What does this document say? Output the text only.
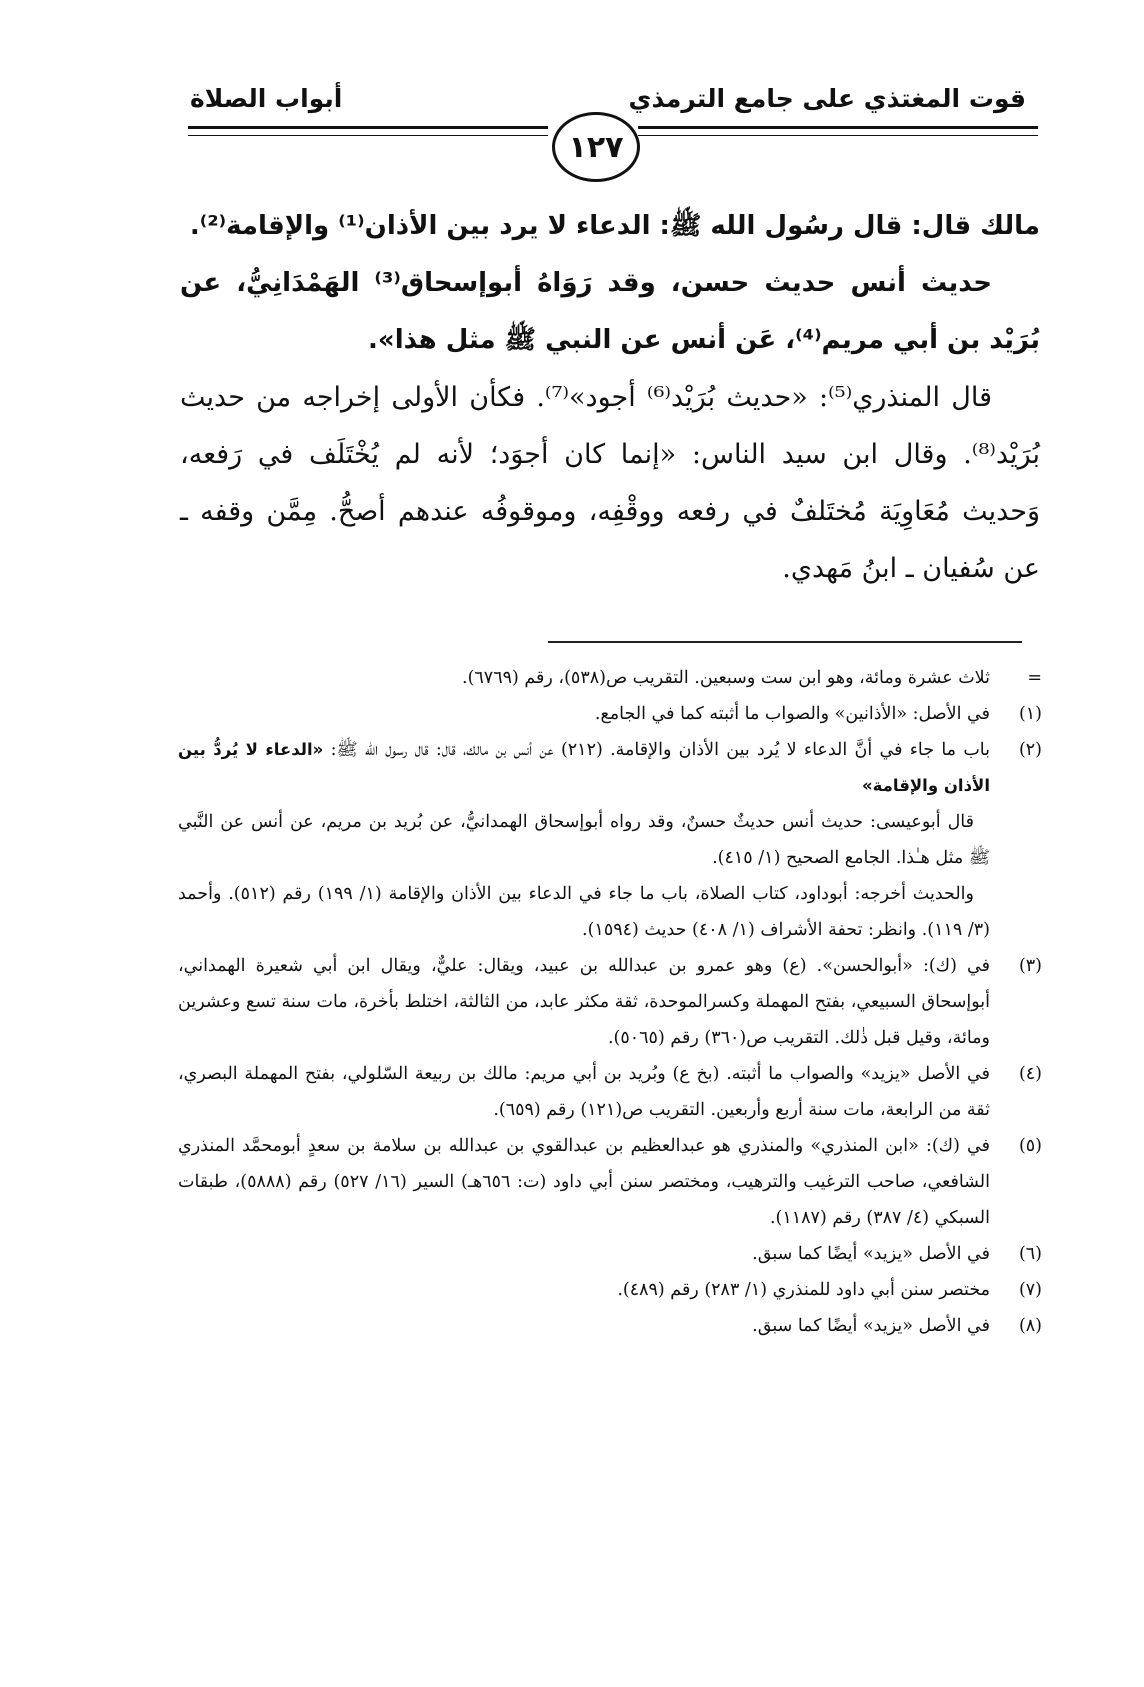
قوت المغتذي على جامع الترمذي
أبواب الصلاة
١٢٧

مالك قال: قال رسُول الله ﷺ: الدعاء لا يرد بين الأذان⁽¹⁾ والإقامة⁽²⁾.

حديث أنس حديث حسن، وقد رَوَاهُ أبوإسحاق⁽³⁾ الهَمْدَانِيُّ، عن بُرَيْد بن أبي مريم⁽⁴⁾، عَن أنس عن النبي ﷺ مثل هذا».

قال المنذري⁽⁵⁾: «حديث بُرَيْد⁽⁶⁾ أجود»⁽⁷⁾. فكأن الأولى إخراجه من حديث بُرَيْد⁽⁸⁾. وقال ابن سيد الناس: «إنما كان أجوَد؛ لأنه لم يُخْتَلَف في رَفعه، وَحديث مُعَاوِيَة مُختَلفٌ في رفعه ووقْفِه، وموقوفُه عندهم أصحُّ. مِمَّن وقفه ـ عن سُفيان ـ ابنُ مَهدي.

=
ثلاث عشرة ومائة، وهو ابن ست وسبعين. التقريب ص(٥٣٨)، رقم (٦٧٦٩).
(١)
في الأصل: «الأذانين» والصواب ما أثبته كما في الجامع.
(٢)
باب ما جاء في أنَّ الدعاء لا يُرد بين الأذان والإقامة. (٢١٢) عن أنس بن مالك، قال: قال رسول الله ﷺ: «الدعاء لا يُردُّ بين الأذان والإقامة»
قال أبوعيسى: حديث أنس حديثٌ حسنٌ، وقد رواه أبوإسحاق الهمدانيُّ، عن بُريد بن مريم، عن أنس عن النَّبي ﷺ مثل هـٰذا. الجامع الصحيح (١/ ٤١٥).
والحديث أخرجه: أبوداود، كتاب الصلاة، باب ما جاء في الدعاء بين الأذان والإقامة (١/ ١٩٩) رقم (٥١٢). وأحمد (٣/ ١١٩). وانظر: تحفة الأشراف (١/ ٤٠٨) حديث (١٥٩٤).
(٣)
في (ك): «أبوالحسن». (ع) وهو عمرو بن عبدالله بن عبيد، ويقال: عليٌّ، ويقال ابن أبي شعيرة الهمداني، أبوإسحاق السبيعي، بفتح المهملة وكسرالموحدة، ثقة مكثر عابد، من الثالثة، اختلط بأخرة، مات سنة تسع وعشرين ومائة، وقيل قبل ذٰلك. التقريب ص(٣٦٠) رقم (٥٠٦٥).
(٤)
في الأصل «يزيد» والصواب ما أثبته. (بخ ع) وبُريد بن أبي مريم: مالك بن ربيعة السّلولي، بفتح المهملة البصري، ثقة من الرابعة، مات سنة أربع وأربعين. التقريب ص(١٢١) رقم (٦٥٩).
(٥)
في (ك): «ابن المنذري» والمنذري هو عبدالعظيم بن عبدالقوي بن عبدالله بن سلامة بن سعدٍ أبومحمَّد المنذري الشافعي، صاحب الترغيب والترهيب، ومختصر سنن أبي داود (ت: ٦٥٦هـ) السير (١٦/ ٥٢٧) رقم (٥٨٨٨)، طبقات السبكي (٤/ ٣٨٧) رقم (١١٨٧).
(٦)
في الأصل «يزيد» أيضًا كما سبق.
(٧)
مختصر سنن أبي داود للمنذري (١/ ٢٨٣) رقم (٤٨٩).
(٨)
في الأصل «يزيد» أيضًا كما سبق.
